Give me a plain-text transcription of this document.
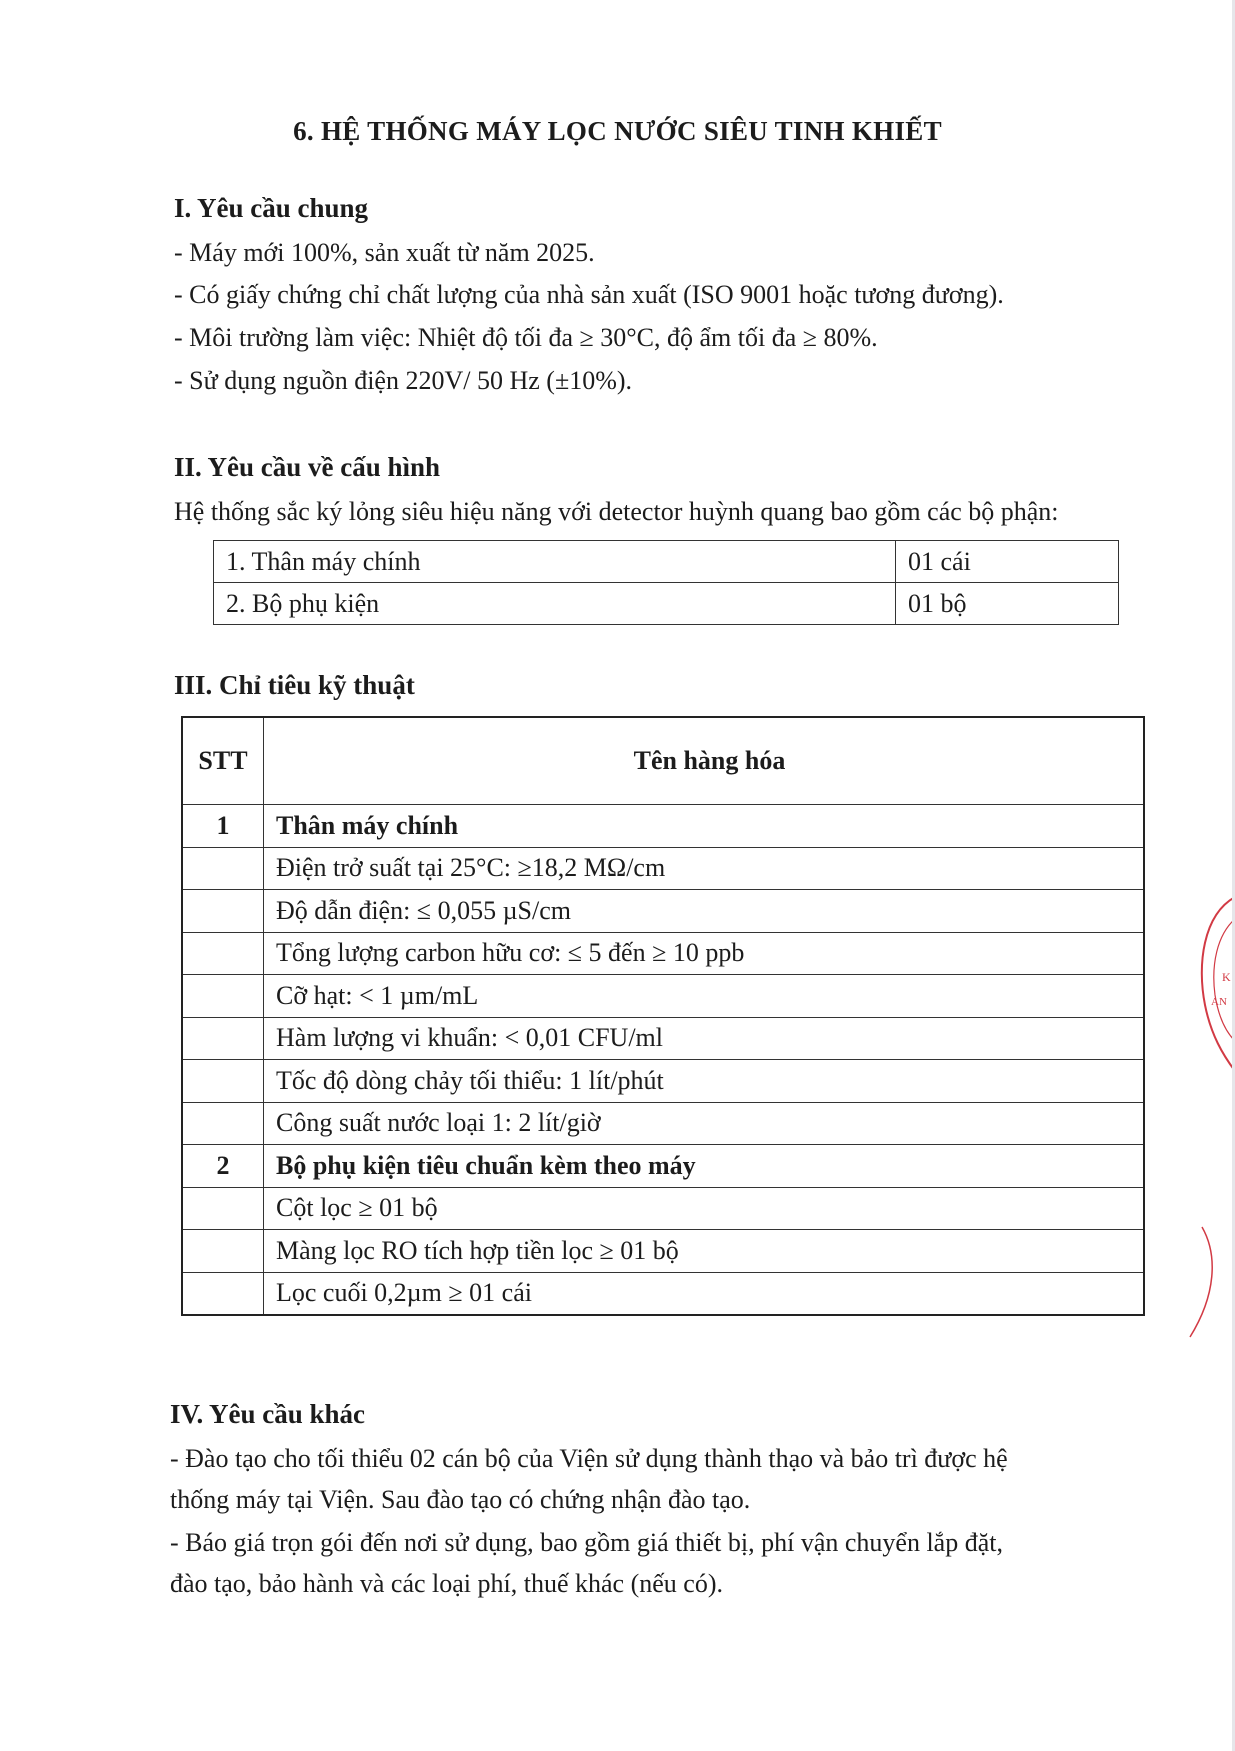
6. HỆ THỐNG MÁY LỌC NƯỚC SIÊU TINH KHIẾT
I. Yêu cầu chung
- Máy mới 100%, sản xuất từ năm 2025.
- Có giấy chứng chỉ chất lượng của nhà sản xuất (ISO 9001 hoặc tương đương).
- Môi trường làm việc: Nhiệt độ tối đa ≥ 30°C, độ ẩm tối đa ≥ 80%.
- Sử dụng nguồn điện 220V/ 50 Hz (±10%).
II. Yêu cầu về cấu hình
Hệ thống sắc ký lỏng siêu hiệu năng với detector huỳnh quang bao gồm các bộ phận:
1. Thân máy chính	01 cái
2. Bộ phụ kiện	01 bộ
III. Chỉ tiêu kỹ thuật
STT	Tên hàng hóa
1	Thân máy chính
	Điện trở suất tại 25°C: ≥18,2 MΩ/cm
	Độ dẫn điện: ≤ 0,055 µS/cm
	Tổng lượng carbon hữu cơ: ≤ 5 đến ≥ 10 ppb
	Cỡ hạt: < 1 µm/mL
	Hàm lượng vi khuẩn: < 0,01 CFU/ml
	Tốc độ dòng chảy tối thiểu: 1 lít/phút
	Công suất nước loại 1: 2 lít/giờ
2	Bộ phụ kiện tiêu chuẩn kèm theo máy
	Cột lọc ≥ 01 bộ
	Màng lọc RO tích hợp tiền lọc ≥ 01 bộ
	Lọc cuối 0,2µm ≥ 01 cái
IV. Yêu cầu khác
- Đào tạo cho tối thiểu 02 cán bộ của Viện sử dụng thành thạo và bảo trì được hệ
thống máy tại Viện. Sau đào tạo có chứng nhận đào tạo.
- Báo giá trọn gói đến nơi sử dụng, bao gồm giá thiết bị, phí vận chuyển lắp đặt,
đào tạo, bảo hành và các loại phí, thuế khác (nếu có).
K
AN
